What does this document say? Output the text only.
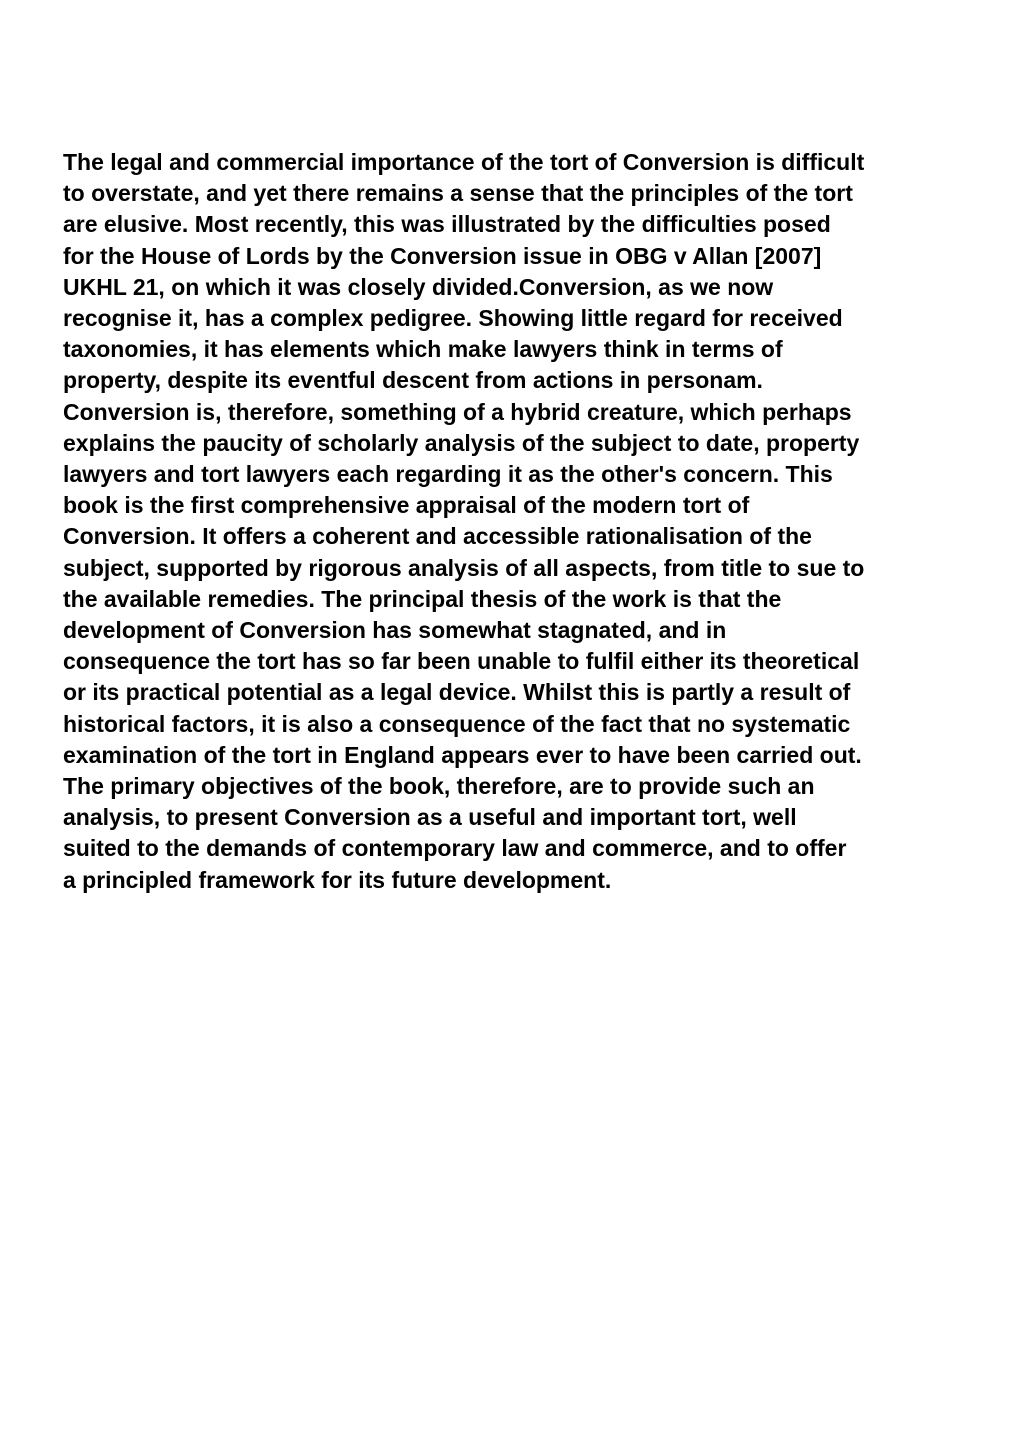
The legal and commercial importance of the tort of Conversion is difficult
to overstate, and yet there remains a sense that the principles of the tort
are elusive. Most recently, this was illustrated by the difficulties posed
for the House of Lords by the Conversion issue in OBG v Allan [2007]
UKHL 21, on which it was closely divided.Conversion, as we now
recognise it, has a complex pedigree. Showing little regard for received
taxonomies, it has elements which make lawyers think in terms of
property, despite its eventful descent from actions in personam.
Conversion is, therefore, something of a hybrid creature, which perhaps
explains the paucity of scholarly analysis of the subject to date, property
lawyers and tort lawyers each regarding it as the other's concern. This
book is the first comprehensive appraisal of the modern tort of
Conversion. It offers a coherent and accessible rationalisation of the
subject, supported by rigorous analysis of all aspects, from title to sue to
the available remedies. The principal thesis of the work is that the
development of Conversion has somewhat stagnated, and in
consequence the tort has so far been unable to fulfil either its theoretical
or its practical potential as a legal device. Whilst this is partly a result of
historical factors, it is also a consequence of the fact that no systematic
examination of the tort in England appears ever to have been carried out.
The primary objectives of the book, therefore, are to provide such an
analysis, to present Conversion as a useful and important tort, well
suited to the demands of contemporary law and commerce, and to offer
a principled framework for its future development.
